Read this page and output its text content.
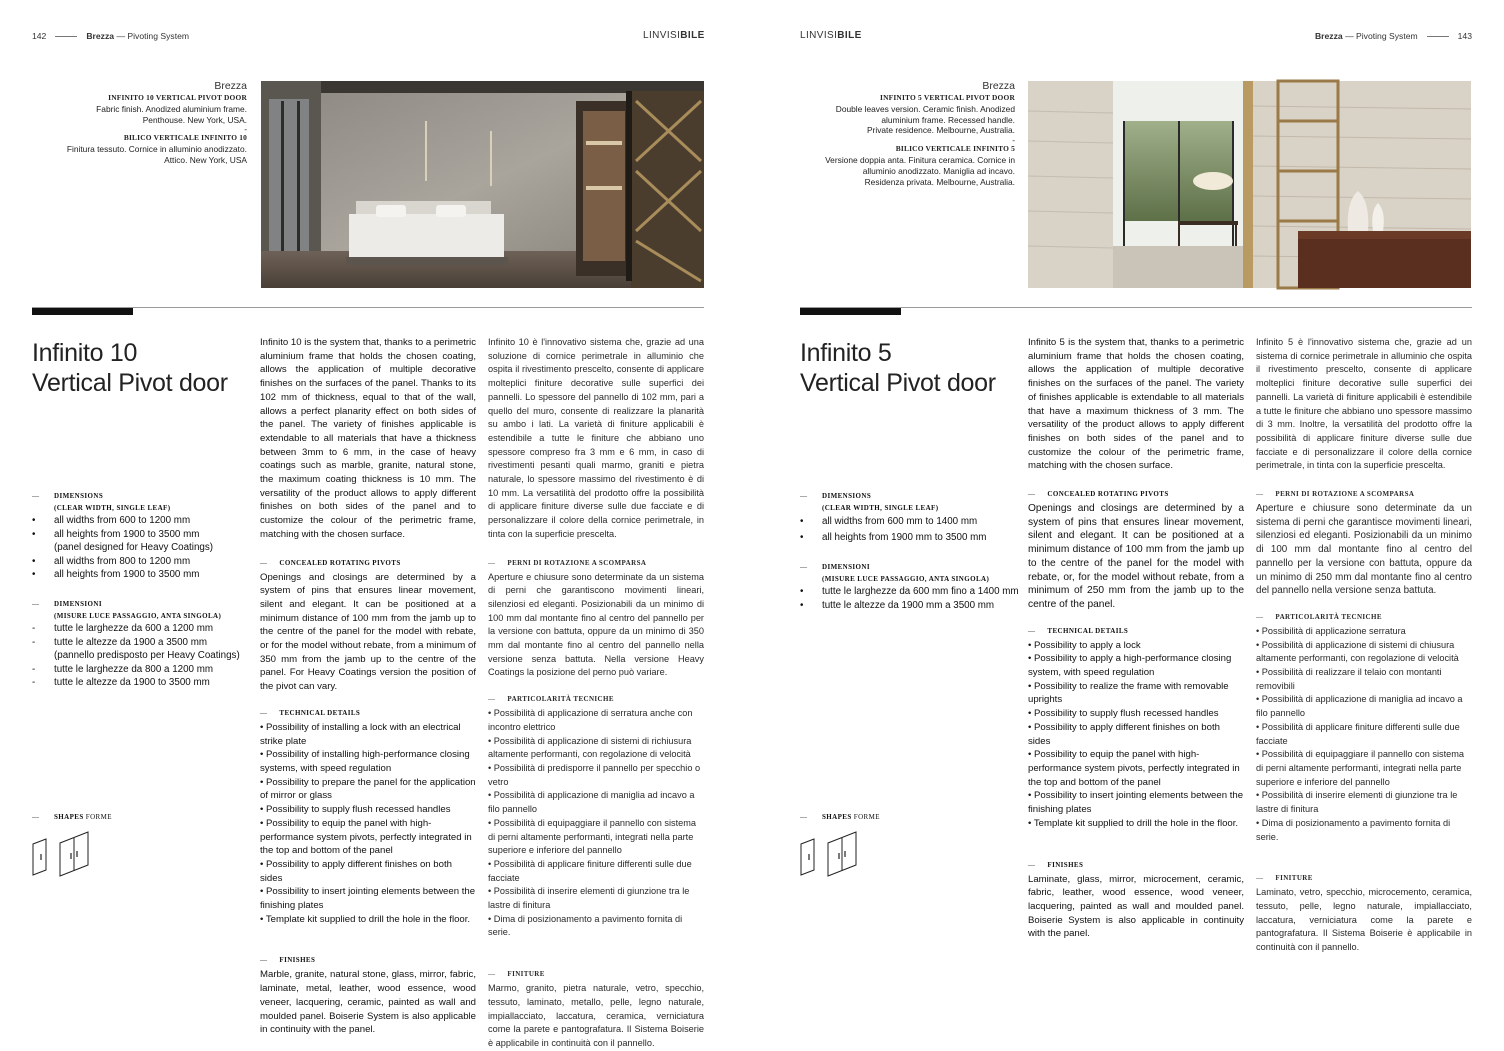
142	Brezza — Pivoting System	LINVISIBILE
Brezza
INFINITO 10 VERTICAL PIVOT DOOR
Fabric finish. Anodized aluminium frame.
Penthouse. New York, USA.
-
BILICO VERTICALE INFINITO 10
Finitura tessuto. Cornice in alluminio anodizzato.
Attico. New York, USA
Infinito 10
Vertical Pivot door
— DIMENSIONS
(CLEAR WIDTH, SINGLE LEAF)
• all widths from 600 to 1200 mm
• all heights from 1900 to 3500 mm
(panel designed for Heavy Coatings)
• all widths from 800 to 1200 mm
• all heights from 1900 to 3500 mm
— DIMENSIONI
(MISURE LUCE PASSAGGIO, ANTA SINGOLA)
- tutte le larghezze da 600 a 1200 mm
- tutte le altezze da 1900 a 3500 mm
(pannello predisposto per Heavy Coatings)
- tutte le larghezze da 800 a 1200 mm
- tutte le altezze da 1900 to 3500 mm
— SHAPES FORME

Infinito 10 is the system that, thanks to a perimetric aluminium frame that holds the chosen coating, allows the application of multiple decorative finishes on the surfaces of the panel. Thanks to its 102 mm of thickness, equal to that of the wall, allows a perfect planarity effect on both sides of the panel. The variety of finishes applicable is extendable to all materials that have a thickness between 3mm to 6 mm, in the case of heavy coatings such as marble, granite, natural stone, the maximum coating thickness is 10 mm. The versatility of the product allows to apply different finishes on both sides of the panel and to customize the colour of the perimetric frame, matching with the chosen surface.

— CONCEALED ROTATING PIVOTS

Openings and closings are determined by a system of pins that ensures linear movement, silent and elegant. It can be positioned at a minimum distance of 100 mm from the jamb up to the centre of the panel for the model with rebate, or for the model without rebate, from a minimum of 350 mm from the jamb up to the centre of the panel. For Heavy Coatings version the position of the pivot can vary.

— TECHNICAL DETAILS
• Possibility of installing a lock with an electrical strike plate
• Possibility of installing high-performance closing systems, with speed regulation
• Possibility to prepare the panel for the application of mirror or glass
• Possibility to supply flush recessed handles
• Possibility to equip the panel with high-performance system pivots, perfectly integrated in the top and bottom of the panel
• Possibility to apply different finishes on both sides
• Possibility to insert jointing elements between the finishing plates
• Template kit supplied to drill the hole in the floor.
— FINISHES

Marble, granite, natural stone, glass, mirror, fabric, laminate, metal, leather, wood essence, wood veneer, lacquering, ceramic, painted as wall and moulded panel. Boiserie System is also applicable in continuity with the panel.

Infinito 10 è l'innovativo sistema che, grazie ad una soluzione di cornice perimetrale in alluminio che ospita il rivestimento prescelto, consente di applicare molteplici finiture decorative sulle superfici dei pannelli. Lo spessore del pannello di 102 mm, pari a quello del muro, consente di realizzare la planarità su ambo i lati. La varietà di finiture applicabili è estendibile a tutte le finiture che abbiano uno spessore compreso fra 3 mm e 6 mm, in caso di rivestimenti pesanti quali marmo, graniti e pietra naturale, lo spessore massimo del rivestimento è di 10 mm. La versatilità del prodotto offre la possibilità di applicare finiture diverse sulle due facciate e di personalizzare il colore della cornice perimetrale, in tinta con la superficie prescelta.

— PERNI DI ROTAZIONE A SCOMPARSA

Aperture e chiusure sono determinate da un sistema di perni che garantiscono movimenti lineari, silenziosi ed eleganti. Posizionabili da un minimo di 100 mm dal montante fino al centro del pannello per la versione con battuta, oppure da un minimo di 350 mm dal montante fino al centro del pannello nella versione senza battuta. Nella versione Heavy Coatings la posizione del perno può variare.

— PARTICOLARITÀ TECNICHE
• Possibilità di applicazione di serratura anche con incontro elettrico
• Possibilità di applicazione di sistemi di richiusura altamente performanti, con regolazione di velocità
• Possibilità di predisporre il pannello per specchio o vetro
• Possibilità di applicazione di maniglia ad incavo a filo pannello
• Possibilità di equipaggiare il pannello con sistema di perni altamente performanti, integrati nella parte superiore e inferiore del pannello
• Possibilità di applicare finiture differenti sulle due facciate
• Possibilità di inserire elementi di giunzione tra le lastre di finitura
• Dima di posizionamento a pavimento fornita di serie.
— FINITURE

Marmo, granito, pietra naturale, vetro, specchio, tessuto, laminato, metallo, pelle, legno naturale, impiallacciato, laccatura, ceramica, verniciatura come la parete e pantografatura. Il Sistema Boiserie è applicabile in continuità con il pannello.

LINVISIBILE	Brezza — Pivoting System	143
Brezza
INFINITO 5 VERTICAL PIVOT DOOR
Double leaves version. Ceramic finish. Anodized
aluminium frame. Recessed handle.
Private residence. Melbourne, Australia.
-
BILICO VERTICALE INFINITO 5
Versione doppia anta. Finitura ceramica. Cornice in
alluminio anodizzato. Maniglia ad incavo.
Residenza privata. Melbourne, Australia.
Infinito 5
Vertical Pivot door
— DIMENSIONS
(CLEAR WIDTH, SINGLE LEAF)
• all widths from 600 mm to 1400 mm
• all heights from 1900 mm to 3500 mm
— DIMENSIONI
(MISURE LUCE PASSAGGIO, ANTA SINGOLA)
• tutte le larghezze da 600 mm fino a 1400 mm
• tutte le altezze da 1900 mm a 3500 mm
— SHAPES FORME

Infinito 5 is the system that, thanks to a perimetric aluminium frame that holds the chosen coating, allows the application of multiple decorative finishes on the surfaces of the panel. The variety of finishes applicable is extendable to all materials that have a maximum thickness of 3 mm. The versatility of the product allows to apply different finishes on both sides of the panel and to customize the colour of the perimetric frame, matching with the chosen surface.

— CONCEALED ROTATING PIVOTS

Openings and closings are determined by a system of pins that ensures linear movement, silent and elegant. It can be positioned at a minimum distance of 100 mm from the jamb up to the centre of the panel for the model with rebate, or, for the model without rebate, from a minimum of 250 mm from the jamb up to the centre of the panel.

— TECHNICAL DETAILS
• Possibility to apply a lock
• Possibility to apply a high-performance closing system, with speed regulation
• Possibility to realize the frame with removable uprights
• Possibility to supply flush recessed handles
• Possibility to apply different finishes on both sides
• Possibility to equip the panel with high-performance system pivots, perfectly integrated in the top and bottom of the panel
• Possibility to insert jointing elements between the finishing plates
• Template kit supplied to drill the hole in the floor.
— FINISHES

Laminate, glass, mirror, microcement, ceramic, fabric, leather, wood essence, wood veneer, lacquering, painted as wall and moulded panel. Boiserie System is also applicable in continuity with the panel.

Infinito 5 è l'innovativo sistema che, grazie ad un sistema di cornice perimetrale in alluminio che ospita il rivestimento prescelto, consente di applicare molteplici finiture decorative sulle superfici dei pannelli. La varietà di finiture applicabili è estendibile a tutte le finiture che abbiano uno spessore massimo di 3 mm. Inoltre, la versatilità del prodotto offre la possibilità di applicare finiture diverse sulle due facciate e di personalizzare il colore della cornice perimetrale, in tinta con la superficie prescelta.

— PERNI DI ROTAZIONE A SCOMPARSA

Aperture e chiusure sono determinate da un sistema di perni che garantisce movimenti lineari, silenziosi ed eleganti. Posizionabili da un minimo di 100 mm dal montante fino al centro del pannello per la versione con battuta, oppure da un minimo di 250 mm dal montante fino al centro del pannello nella versione senza battuta.

— PARTICOLARITÀ TECNICHE
• Possibilità di applicazione serratura
• Possibilità di applicazione di sistemi di chiusura altamente performanti, con regolazione di velocità
• Possibilità di realizzare il telaio con montanti removibili
• Possibilità di applicazione di maniglia ad incavo a filo pannello
• Possibilità di applicare finiture differenti sulle due facciate
• Possibilità di equipaggiare il pannello con sistema di perni altamente performanti, integrati nella parte superiore e inferiore del pannello
• Possibilità di inserire elementi di giunzione tra le lastre di finitura
• Dima di posizionamento a pavimento fornita di serie.
— FINITURE

Laminato, vetro, specchio, microcemento, ceramica, tessuto, pelle, legno naturale, impiallacciato, laccatura, verniciatura come la parete e pantografatura. Il Sistema Boiserie è applicabile in continuità con il pannello.
